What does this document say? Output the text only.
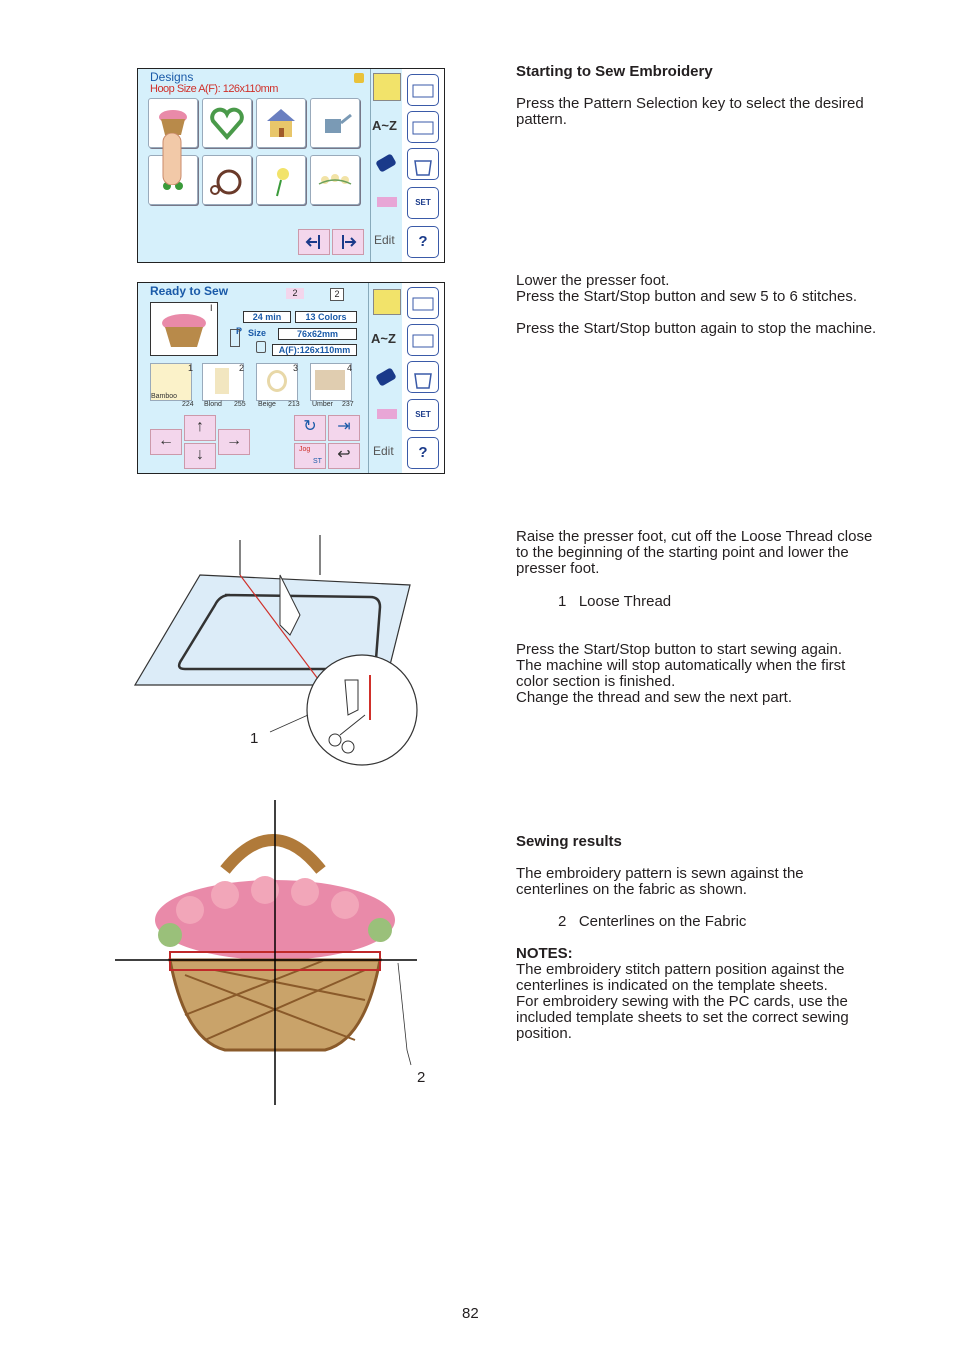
Designs
Hoop Size A(F): 126x110mm
A~Z
Edit
SET
?
Ready to Sew	2	2
I
24 min	13 Colors
P Size	76x62mm
A(F):126x110mm
1	2	3	4
Bamboo
224 Blond 255 Beige 213 Umber 237
←
↑
↓
→
↻	⇥
Jog
ST ↩
A~Z
Edit
SET
?
1
2
Starting to Sew Embroidery
Press the Pattern Selection key to select the desired
pattern.
Lower the presser foot.
Press the Start/Stop button and sew 5 to 6 stitches.
Press the Start/Stop button again to stop the machine.
Raise the presser foot, cut off the Loose Thread close
to the beginning of the starting point and lower the
presser foot.
1   Loose Thread
Press the Start/Stop button to start sewing again.
The machine will stop automatically when the first
color section is finished.
Change the thread and sew the next part.
Sewing results
The embroidery pattern is sewn against the
centerlines on the fabric as shown.
2   Centerlines on the Fabric
NOTES:
The embroidery stitch pattern position against the
centerlines is indicated on the template sheets.
For embroidery sewing with the PC cards, use the
included template sheets to set the correct sewing
position.
82
